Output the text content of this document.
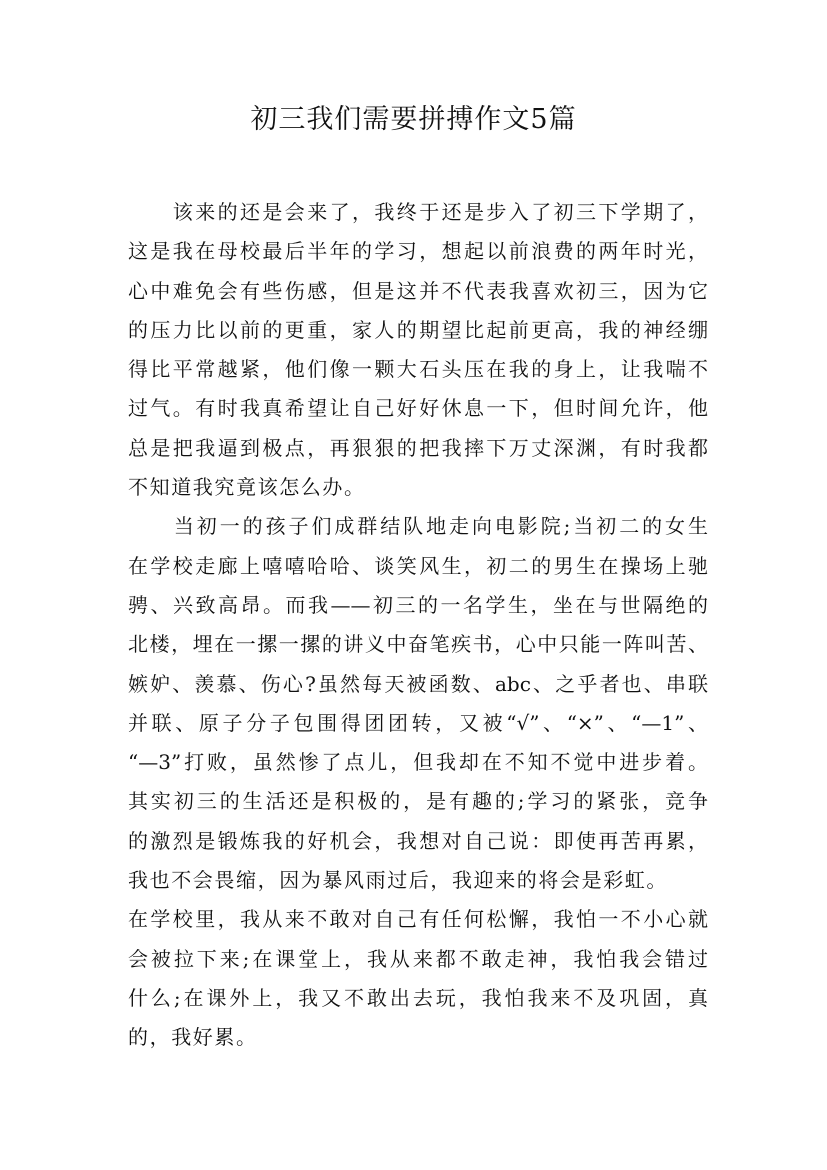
初三我们需要拼搏作文5篇
　　该来的还是会来了，我终于还是步入了初三下学期了，
这是我在母校最后半年的学习，想起以前浪费的两年时光，
心中难免会有些伤感，但是这并不代表我喜欢初三，因为它
的压力比以前的更重，家人的期望比起前更高，我的神经绷
得比平常越紧，他们像一颗大石头压在我的身上，让我喘不
过气。有时我真希望让自己好好休息一下，但时间允许，他
总是把我逼到极点，再狠狠的把我摔下万丈深渊，有时我都
不知道我究竟该怎么办。
　　当初一的孩子们成群结队地走向电影院;当初二的女生
在学校走廊上嘻嘻哈哈、谈笑风生，初二的男生在操场上驰
骋、兴致高昂。而我——初三的一名学生，坐在与世隔绝的
北楼，埋在一摞一摞的讲义中奋笔疾书，心中只能一阵叫苦、
嫉妒、羡慕、伤心?虽然每天被函数、abc、之乎者也、串联
并联、原子分子包围得团团转，又被“√”、“×”、“—1”、
“—3”打败，虽然惨了点儿，但我却在不知不觉中进步着。
其实初三的生活还是积极的，是有趣的;学习的紧张，竞争
的激烈是锻炼我的好机会，我想对自己说：即使再苦再累，
我也不会畏缩，因为暴风雨过后，我迎来的将会是彩虹。
在学校里，我从来不敢对自己有任何松懈，我怕一不小心就
会被拉下来;在课堂上，我从来都不敢走神，我怕我会错过
什么;在课外上，我又不敢出去玩，我怕我来不及巩固，真
的，我好累。
